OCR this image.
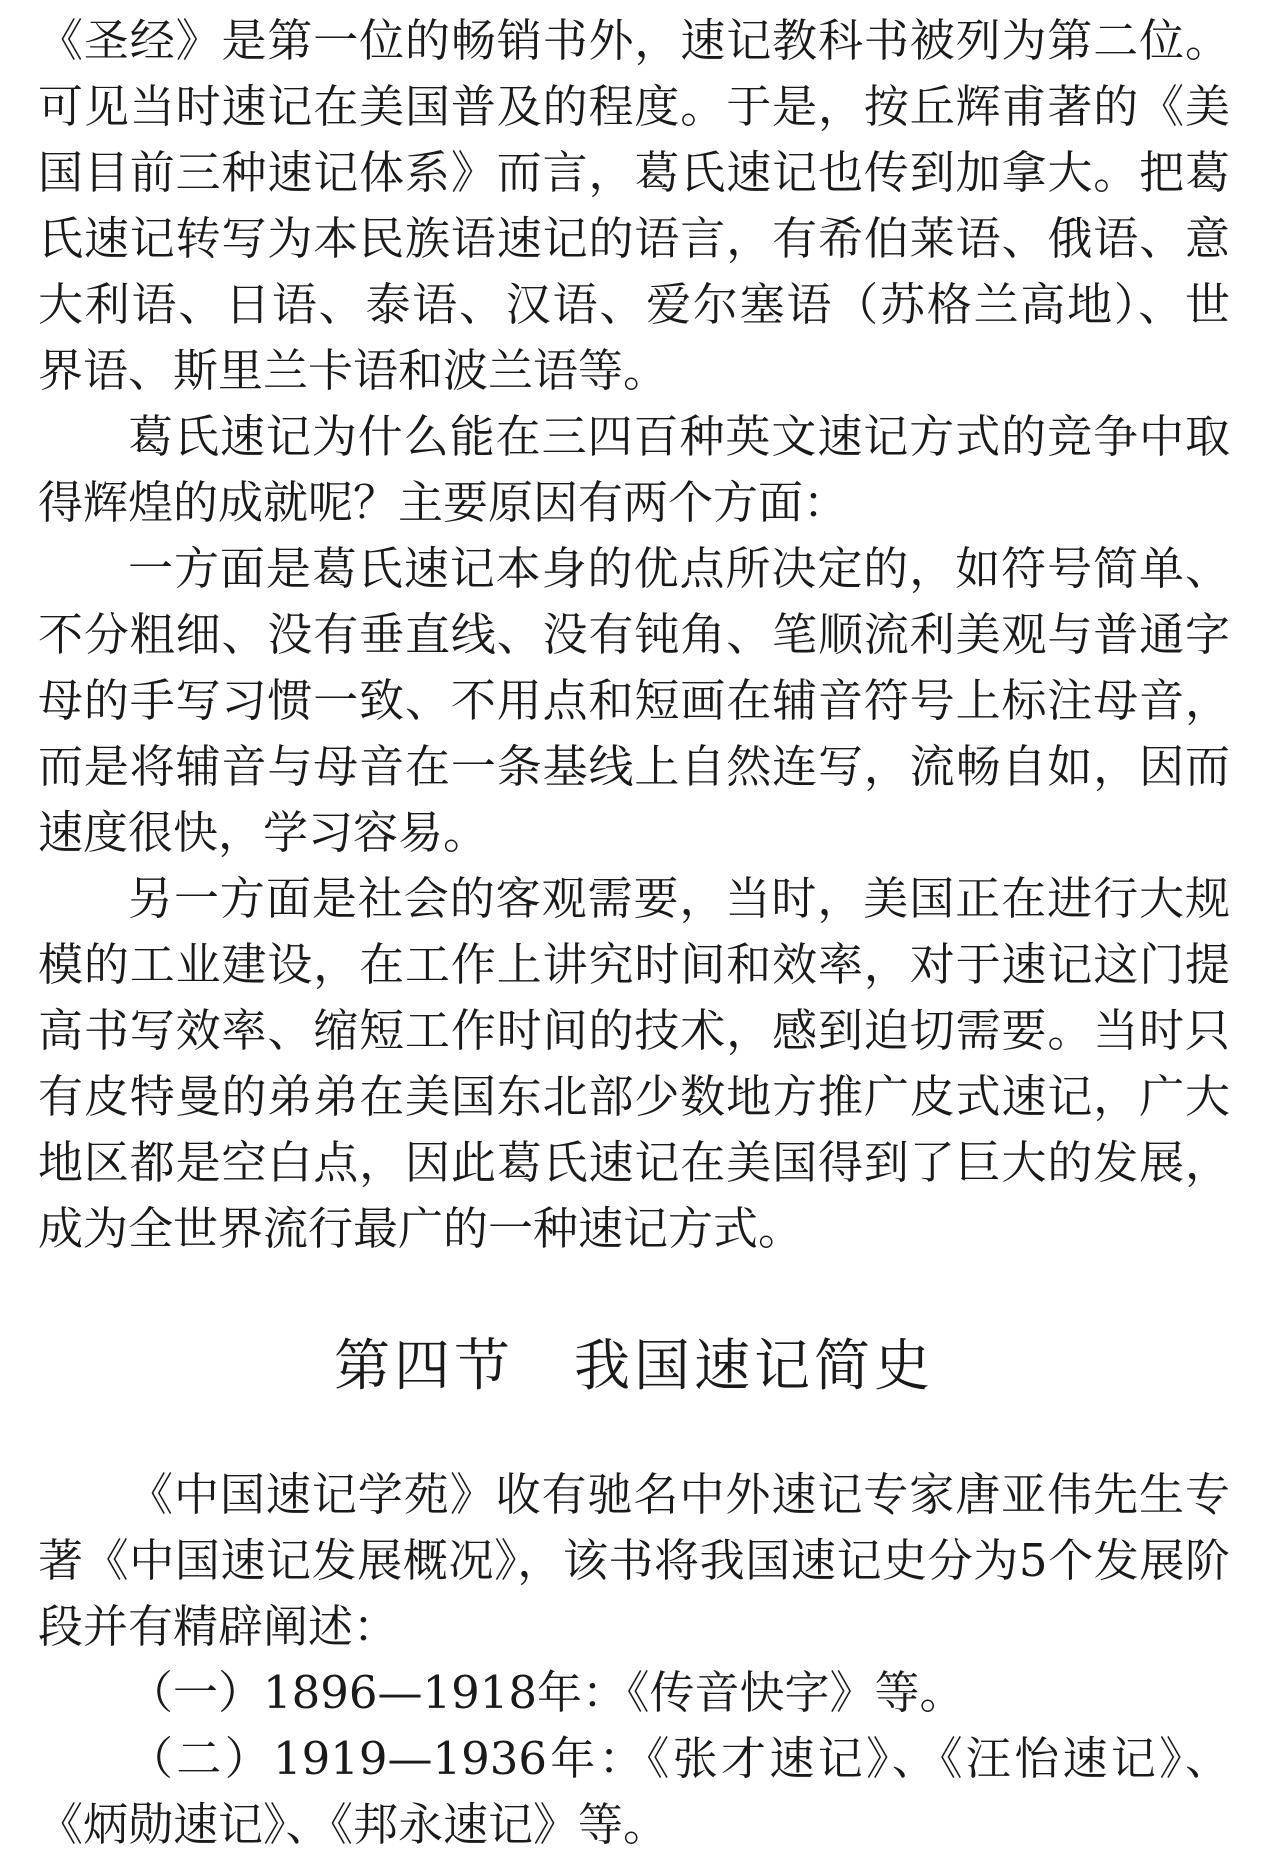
《圣经》是第一位的畅销书外，速记教科书被列为第二位。可见当时速记在美国普及的程度。于是，按丘辉甫著的《美国目前三种速记体系》而言，葛氏速记也传到加拿大。把葛氏速记转写为本民族语速记的语言，有希伯莱语、俄语、意大利语、日语、泰语、汉语、爱尔塞语（苏格兰高地）、世界语、斯里兰卡语和波兰语等。

葛氏速记为什么能在三四百种英文速记方式的竞争中取得辉煌的成就呢？主要原因有两个方面：

一方面是葛氏速记本身的优点所决定的，如符号简单、不分粗细、没有垂直线、没有钝角、笔顺流利美观与普通字母的手写习惯一致、不用点和短画在辅音符号上标注母音，而是将辅音与母音在一条基线上自然连写，流畅自如，因而速度很快，学习容易。

另一方面是社会的客观需要，当时，美国正在进行大规模的工业建设，在工作上讲究时间和效率，对于速记这门提高书写效率、缩短工作时间的技术，感到迫切需要。当时只有皮特曼的弟弟在美国东北部少数地方推广皮式速记，广大地区都是空白点，因此葛氏速记在美国得到了巨大的发展，成为全世界流行最广的一种速记方式。

第四节　我国速记简史

《中国速记学苑》收有驰名中外速记专家唐亚伟先生专著《中国速记发展概况》，该书将我国速记史分为5个发展阶段并有精辟阐述：

（一）1896—1918年：《传音快字》等。

（二）1919—1936年：《张才速记》、《汪怡速记》、《炳勋速记》、《邦永速记》等。
